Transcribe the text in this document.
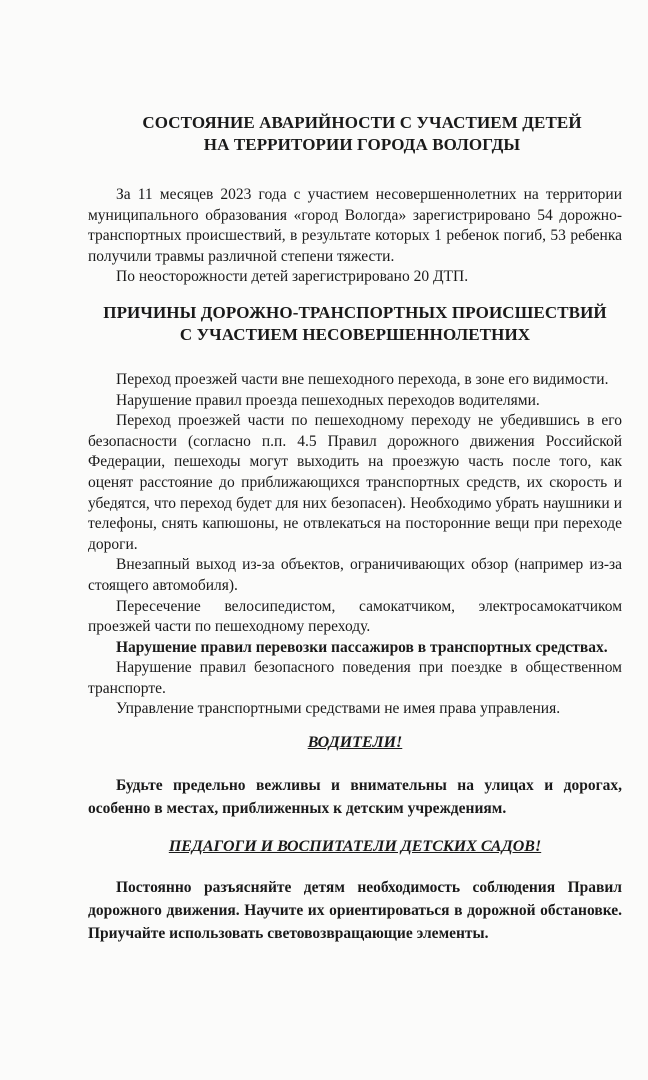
СОСТОЯНИЕ АВАРИЙНОСТИ С УЧАСТИЕМ ДЕТЕЙ
НА ТЕРРИТОРИИ ГОРОДА ВОЛОГДЫ

За 11 месяцев 2023 года с участием несовершеннолетних на территории муниципального образования «город Вологда» зарегистрировано 54 дорожно-транспортных происшествий, в результате которых 1 ребенок погиб, 53 ребенка получили травмы различной степени тяжести.

По неосторожности детей зарегистрировано 20 ДТП.

ПРИЧИНЫ ДОРОЖНО-ТРАНСПОРТНЫХ ПРОИСШЕСТВИЙ
С УЧАСТИЕМ НЕСОВЕРШЕННОЛЕТНИХ

Переход проезжей части вне пешеходного перехода, в зоне его видимости.

Нарушение правил проезда пешеходных переходов водителями.

Переход проезжей части по пешеходному переходу не убедившись в его безопасности (согласно п.п. 4.5 Правил дорожного движения Российской Федерации, пешеходы могут выходить на проезжую часть после того, как оценят расстояние до приближающихся транспортных средств, их скорость и убедятся, что переход будет для них безопасен). Необходимо убрать наушники и телефоны, снять капюшоны, не отвлекаться на посторонние вещи при переходе дороги.

Внезапный выход из-за объектов, ограничивающих обзор (например из-за стоящего автомобиля).

Пересечение велосипедистом, самокатчиком, электросамокатчиком проезжей части по пешеходному переходу.

Нарушение правил перевозки пассажиров в транспортных средствах.

Нарушение правил безопасного поведения при поездке в общественном транспорте.

Управление транспортными средствами не имея права управления.

ВОДИТЕЛИ!

Будьте предельно вежливы и внимательны на улицах и дорогах, особенно в местах, приближенных к детским учреждениям.

ПЕДАГОГИ И ВОСПИТАТЕЛИ ДЕТСКИХ САДОВ!

Постоянно разъясняйте детям необходимость соблюдения Правил дорожного движения. Научите их ориентироваться в дорожной обстановке. Приучайте использовать световозвращающие элементы.
